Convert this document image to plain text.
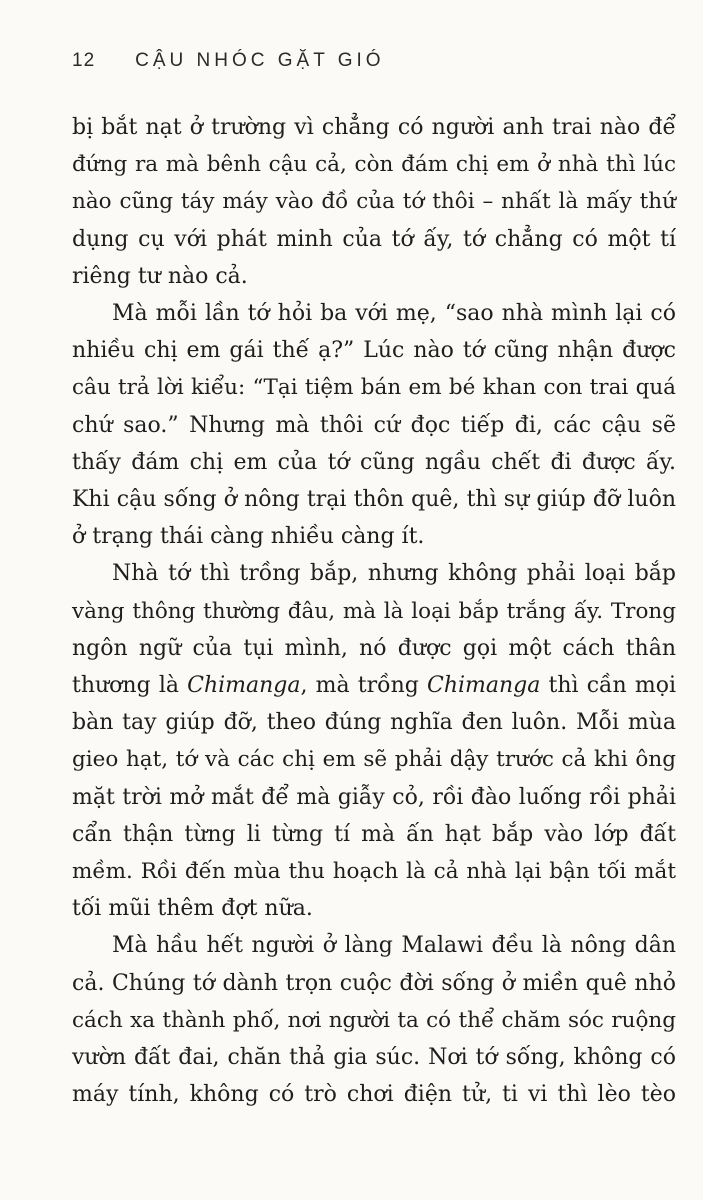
12 CẬU NHÓC GẶT GIÓ

bị bắt nạt ở trường vì chẳng có người anh trai nào để
đứng ra mà bênh cậu cả, còn đám chị em ở nhà thì lúc
nào cũng táy máy vào đồ của tớ thôi – nhất là mấy thứ
dụng cụ với phát minh của tớ ấy, tớ chẳng có một tí
riêng tư nào cả.

Mà mỗi lần tớ hỏi ba với mẹ, “sao nhà mình lại có
nhiều chị em gái thế ạ?” Lúc nào tớ cũng nhận được
câu trả lời kiểu: “Tại tiệm bán em bé khan con trai quá
chứ sao.” Nhưng mà thôi cứ đọc tiếp đi, các cậu sẽ
thấy đám chị em của tớ cũng ngầu chết đi được ấy.
Khi cậu sống ở nông trại thôn quê, thì sự giúp đỡ luôn
ở trạng thái càng nhiều càng ít.

Nhà tớ thì trồng bắp, nhưng không phải loại bắp
vàng thông thường đâu, mà là loại bắp trắng ấy. Trong
ngôn ngữ của tụi mình, nó được gọi một cách thân
thương là Chimanga, mà trồng Chimanga thì cần mọi
bàn tay giúp đỡ, theo đúng nghĩa đen luôn. Mỗi mùa
gieo hạt, tớ và các chị em sẽ phải dậy trước cả khi ông
mặt trời mở mắt để mà giẫy cỏ, rồi đào luống rồi phải
cẩn thận từng li từng tí mà ấn hạt bắp vào lớp đất
mềm. Rồi đến mùa thu hoạch là cả nhà lại bận tối mắt
tối mũi thêm đợt nữa.

Mà hầu hết người ở làng Malawi đều là nông dân
cả. Chúng tớ dành trọn cuộc đời sống ở miền quê nhỏ
cách xa thành phố, nơi người ta có thể chăm sóc ruộng
vườn đất đai, chăn thả gia súc. Nơi tớ sống, không có
máy tính, không có trò chơi điện tử, ti vi thì lèo tèo
